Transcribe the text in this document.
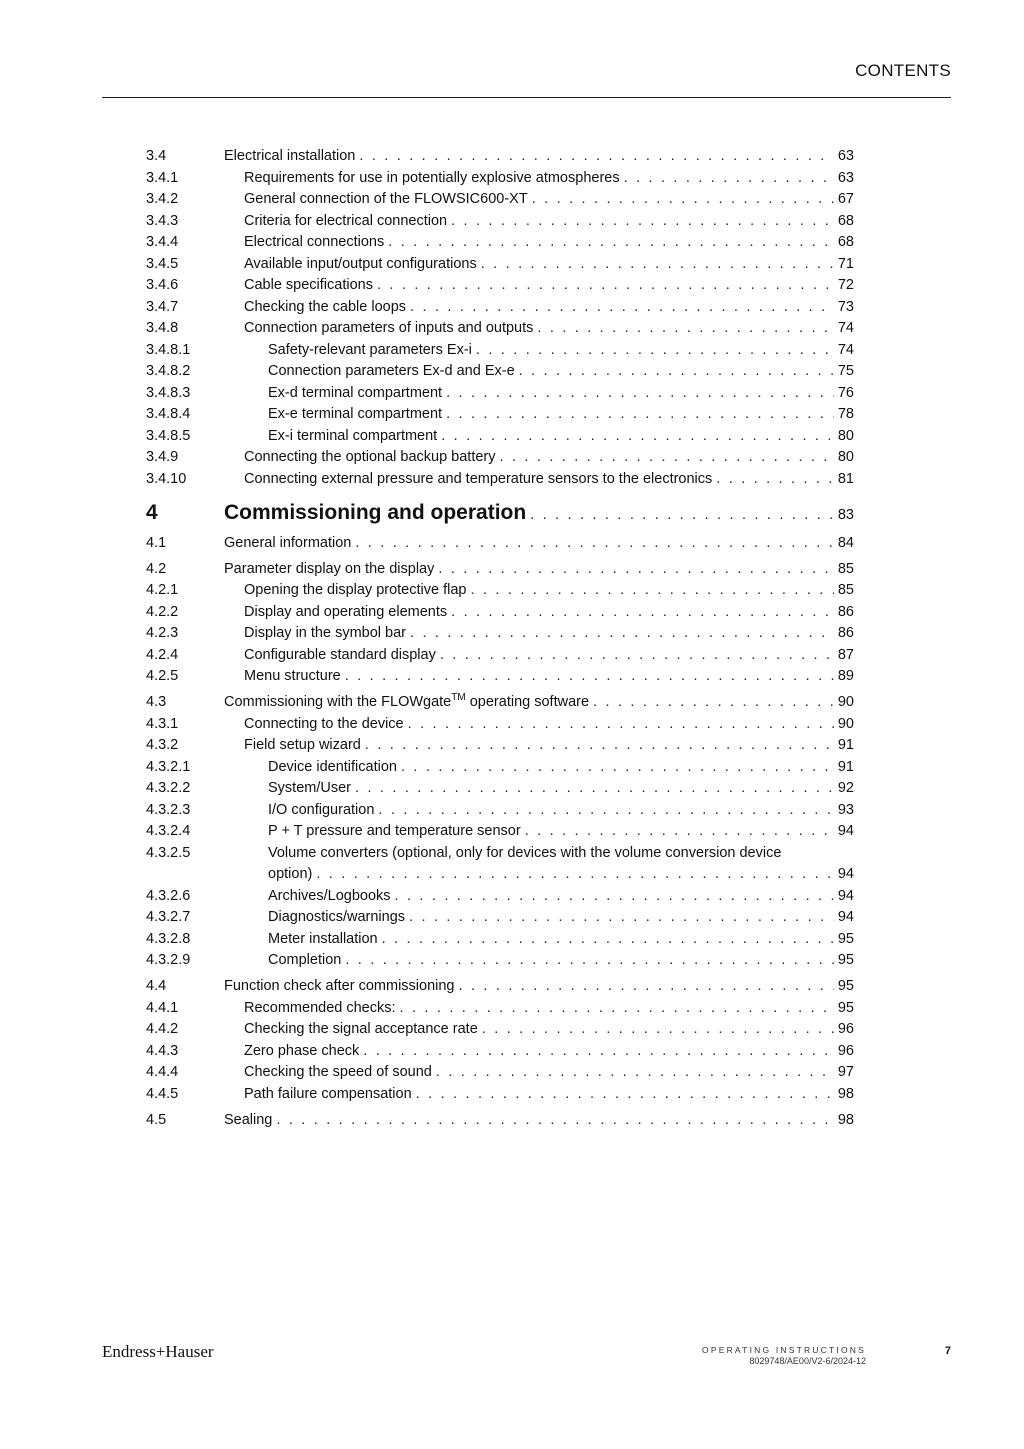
CONTENTS
3.4	Electrical installation . . .	63
3.4.1	Requirements for use in potentially explosive atmospheres . . .	63
3.4.2	General connection of the FLOWSIC600-XT . . .	67
3.4.3	Criteria for electrical connection . . .	68
3.4.4	Electrical connections . . .	68
3.4.5	Available input/output configurations . . .	71
3.4.6	Cable specifications . . .	72
3.4.7	Checking the cable loops . . .	73
3.4.8	Connection parameters of inputs and outputs . . .	74
3.4.8.1	Safety-relevant parameters Ex-i . . .	74
3.4.8.2	Connection parameters Ex-d and Ex-e . . .	75
3.4.8.3	Ex-d terminal compartment . . .	76
3.4.8.4	Ex-e terminal compartment . . .	78
3.4.8.5	Ex-i terminal compartment . . .	80
3.4.9	Connecting the optional backup battery . . .	80
3.4.10	Connecting external pressure and temperature sensors to the electronics . . .	81
4	Commissioning and operation . . .	83
4.1	General information . . .	84
4.2	Parameter display on the display . . .	85
4.2.1	Opening the display protective flap . . .	85
4.2.2	Display and operating elements . . .	86
4.2.3	Display in the symbol bar . . .	86
4.2.4	Configurable standard display . . .	87
4.2.5	Menu structure . . .	89
4.3	Commissioning with the FLOWgate™ operating software . . .	90
4.3.1	Connecting to the device . . .	90
4.3.2	Field setup wizard . . .	91
4.3.2.1	Device identification . . .	91
4.3.2.2	System/User . . .	92
4.3.2.3	I/O configuration . . .	93
4.3.2.4	P + T pressure and temperature sensor . . .	94
4.3.2.5	Volume converters (optional, only for devices with the volume conversion device
option) . . .	94
4.3.2.6	Archives/Logbooks . . .	94
4.3.2.7	Diagnostics/warnings . . .	94
4.3.2.8	Meter installation . . .	95
4.3.2.9	Completion . . .	95
4.4	Function check after commissioning . . .	95
4.4.1	Recommended checks: . . .	95
4.4.2	Checking the signal acceptance rate . . .	96
4.4.3	Zero phase check . . .	96
4.4.4	Checking the speed of sound . . .	97
4.4.5	Path failure compensation . . .	98
4.5	Sealing . . .	98
Endress+Hauser	OPERATING INSTRUCTIONS
8029748/AE00/V2-6/2024-12
7
